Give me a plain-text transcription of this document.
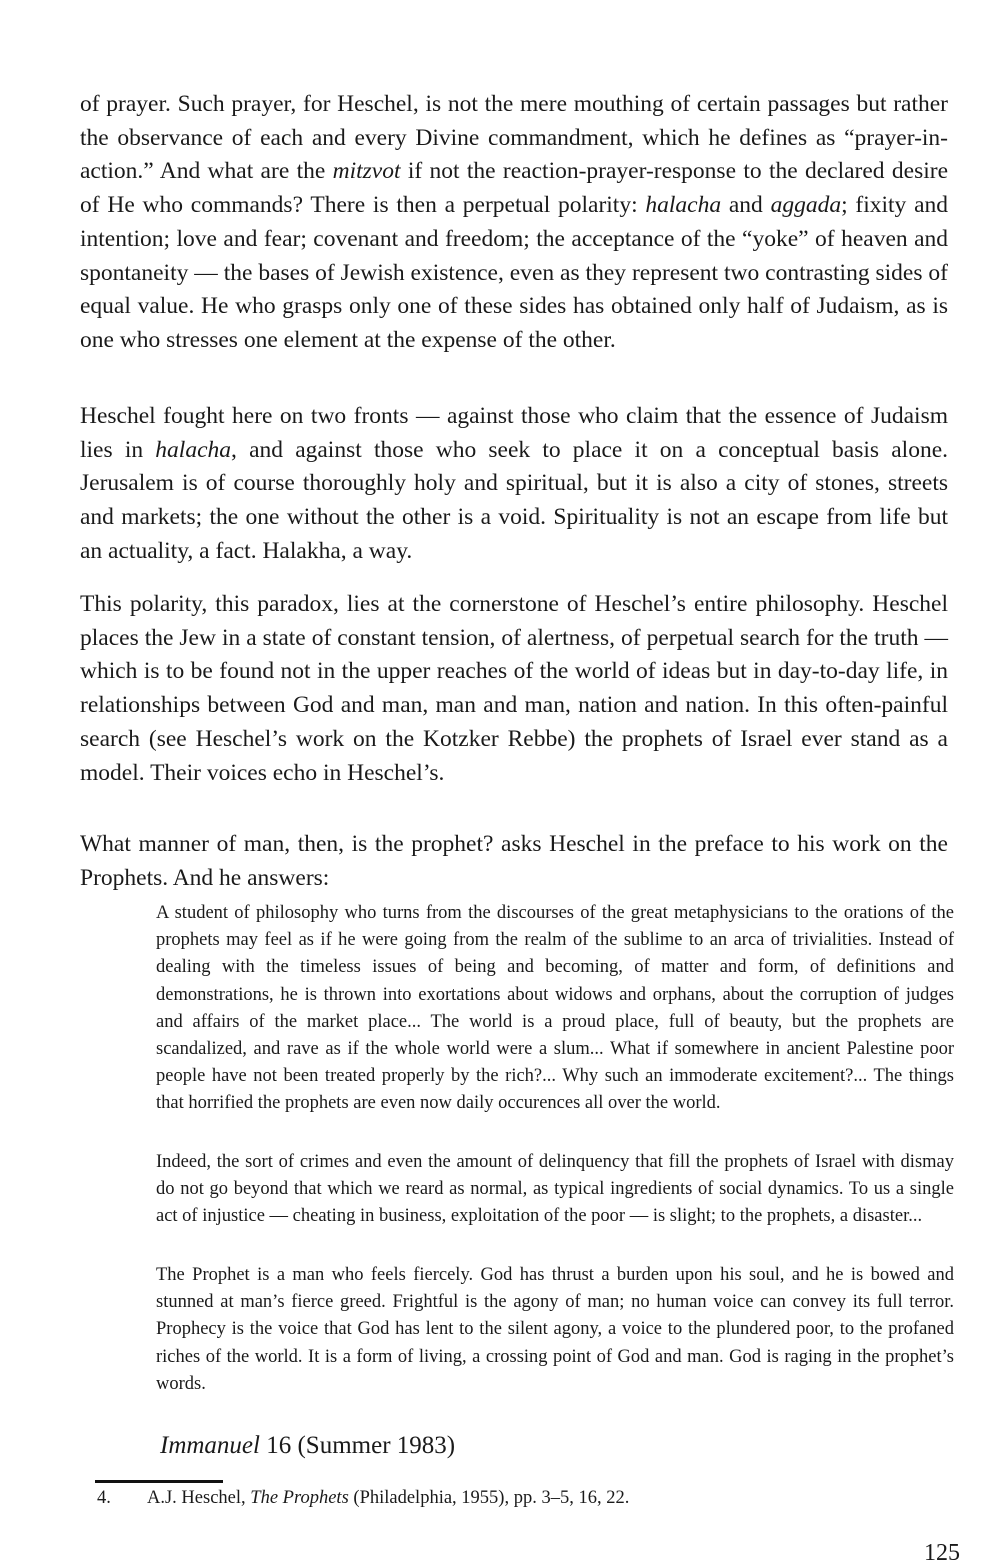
of prayer. Such prayer, for Heschel, is not the mere mouthing of certain passages but rather the observance of each and every Divine commandment, which he defines as “prayer-in-action.” And what are the mitzvot if not the reaction-prayer-response to the declared desire of He who commands? There is then a perpetual polarity: halacha and aggada; fixity and intention; love and fear; covenant and freedom; the acceptance of the “yoke” of heaven and spontaneity — the bases of Jewish existence, even as they represent two contrasting sides of equal value. He who grasps only one of these sides has obtained only half of Judaism, as is one who stresses one element at the expense of the other.

Heschel fought here on two fronts — against those who claim that the essence of Judaism lies in halacha, and against those who seek to place it on a conceptual basis alone. Jerusalem is of course thoroughly holy and spiritual, but it is also a city of stones, streets and markets; the one without the other is a void. Spirituality is not an escape from life but an actuality, a fact. Halakha, a way.

This polarity, this paradox, lies at the cornerstone of Heschel’s entire philosophy. Heschel places the Jew in a state of constant tension, of alertness, of perpetual search for the truth — which is to be found not in the upper reaches of the world of ideas but in day-to-day life, in relationships between God and man, man and man, nation and nation. In this often-painful search (see Heschel’s work on the Kotzker Rebbe) the prophets of Israel ever stand as a model. Their voices echo in Heschel’s.

What manner of man, then, is the prophet? asks Heschel in the preface to his work on the Prophets. And he answers:

A student of philosophy who turns from the discourses of the great metaphysicians to the orations of the prophets may feel as if he were going from the realm of the sublime to an arca of trivialities. Instead of dealing with the timeless issues of being and becoming, of matter and form, of definitions and demonstrations, he is thrown into exortations about widows and orphans, about the corruption of judges and affairs of the market place... The world is a proud place, full of beauty, but the prophets are scandalized, and rave as if the whole world were a slum... What if somewhere in ancient Palestine poor people have not been treated properly by the rich?... Why such an immoderate excitement?... The things that horrified the prophets are even now daily occurences all over the world.

Indeed, the sort of crimes and even the amount of delinquency that fill the prophets of Israel with dismay do not go beyond that which we reard as normal, as typical ingredients of social dynamics. To us a single act of injustice — cheating in business, exploitation of the poor — is slight; to the prophets, a disaster...

The Prophet is a man who feels fiercely. God has thrust a burden upon his soul, and he is bowed and stunned at man’s fierce greed. Frightful is the agony of man; no human voice can convey its full terror. Prophecy is the voice that God has lent to the silent agony, a voice to the plundered poor, to the profaned riches of the world. It is a form of living, a crossing point of God and man. God is raging in the prophet’s words.

Immanuel 16 (Summer 1983)

4. A.J. Heschel, The Prophets (Philadelphia, 1955), pp. 3–5, 16, 22.

125
